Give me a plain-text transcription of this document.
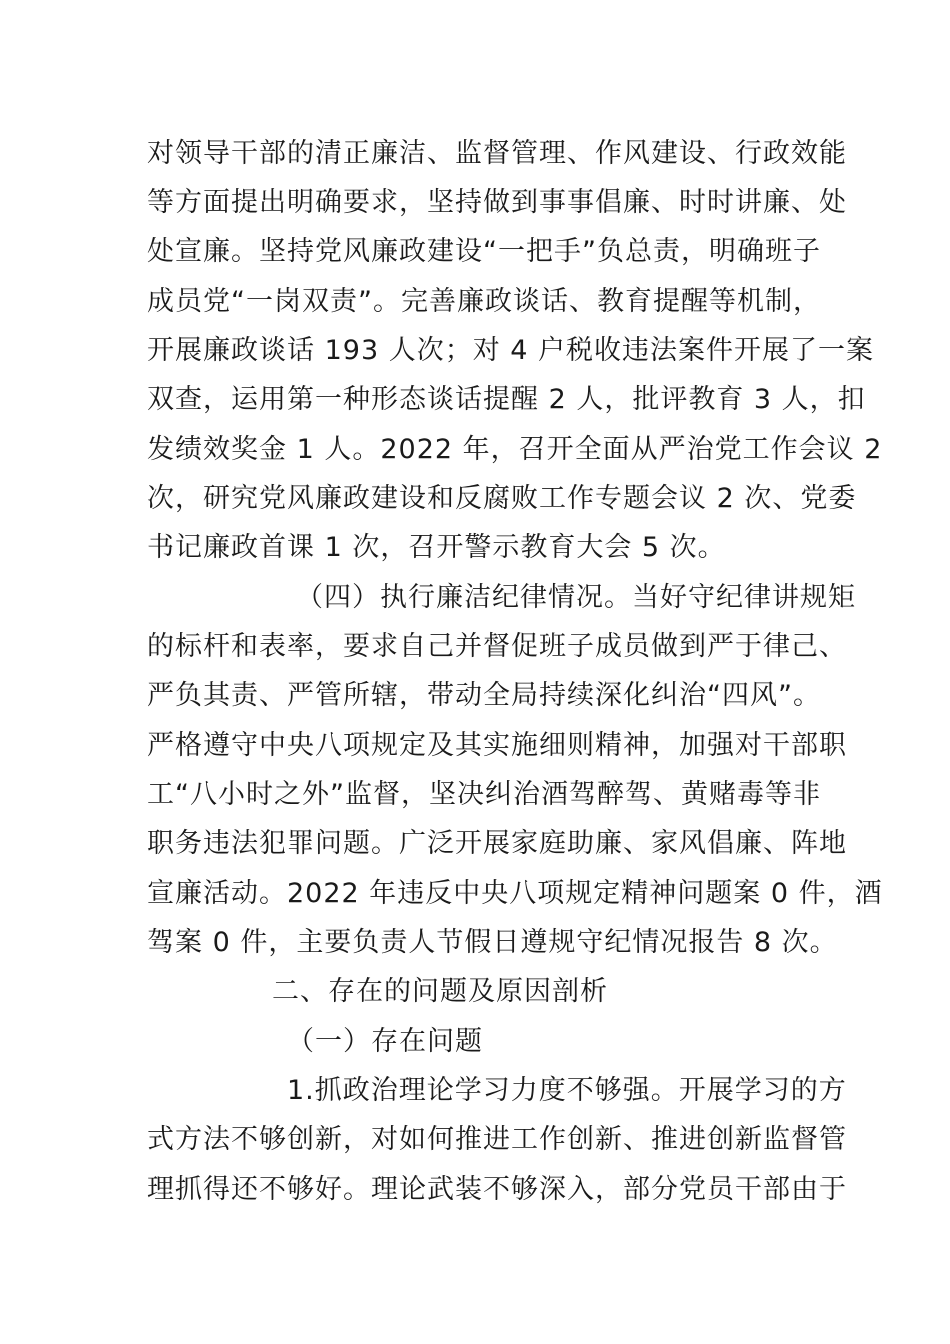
对领导干部的清正廉洁、监督管理、作风建设、行政效能

等方面提出明确要求，坚持做到事事倡廉、时时讲廉、处

处宣廉。坚持党风廉政建设“一把手”负总责，明确班子

成员党“一岗双责”。完善廉政谈话、教育提醒等机制，

开展廉政谈话 193 人次；对 4 户税收违法案件开展了一案

双查，运用第一种形态谈话提醒 2 人，批评教育 3 人，扣

发绩效奖金 1 人。2022 年，召开全面从严治党工作会议 2

次，研究党风廉政建设和反腐败工作专题会议 2 次、党委

书记廉政首课 1 次，召开警示教育大会 5 次。

（四）执行廉洁纪律情况。当好守纪律讲规矩

的标杆和表率，要求自己并督促班子成员做到严于律己、

严负其责、严管所辖，带动全局持续深化纠治“四风”。

严格遵守中央八项规定及其实施细则精神，加强对干部职

工“八小时之外”监督，坚决纠治酒驾醉驾、黄赌毒等非

职务违法犯罪问题。广泛开展家庭助廉、家风倡廉、阵地

宣廉活动。2022 年违反中央八项规定精神问题案 0 件，酒

驾案 0 件，主要负责人节假日遵规守纪情况报告 8 次。

二、存在的问题及原因剖析

（一）存在问题

1.抓政治理论学习力度不够强。开展学习的方

式方法不够创新，对如何推进工作创新、推进创新监督管

理抓得还不够好。理论武装不够深入，部分党员干部由于
